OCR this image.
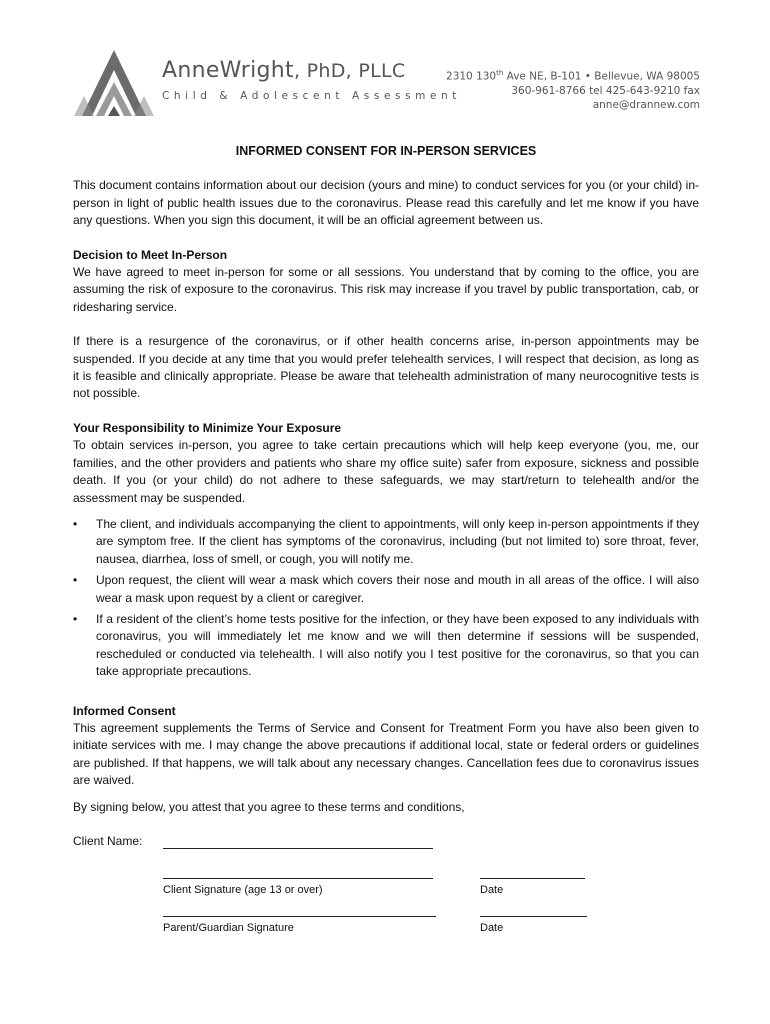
AnneWright, PhD, PLLC
Child & Adolescent Assessment
2310 130th Ave NE, B-101 • Bellevue, WA 98005
360-961-8766 tel 425-643-9210 fax
anne@drannew.com
INFORMED CONSENT FOR IN-PERSON SERVICES

This document contains information about our decision (yours and mine) to conduct services for you (or your child) in-person in light of public health issues due to the coronavirus. Please read this carefully and let me know if you have any questions. When you sign this document, it will be an official agreement between us.

Decision to Meet In-Person

We have agreed to meet in-person for some or all sessions. You understand that by coming to the office, you are assuming the risk of exposure to the coronavirus. This risk may increase if you travel by public transportation, cab, or ridesharing service.

If there is a resurgence of the coronavirus, or if other health concerns arise, in-person appointments may be suspended. If you decide at any time that you would prefer telehealth services, I will respect that decision, as long as it is feasible and clinically appropriate. Please be aware that telehealth administration of many neurocognitive tests is not possible.

Your Responsibility to Minimize Your Exposure

To obtain services in-person, you agree to take certain precautions which will help keep everyone (you, me, our families, and the other providers and patients who share my office suite) safer from exposure, sickness and possible death. If you (or your child) do not adhere to these safeguards, we may start/return to telehealth and/or the assessment may be suspended.

• The client, and individuals accompanying the client to appointments, will only keep in-person appointments if they are symptom free. If the client has symptoms of the coronavirus, including (but not limited to) sore throat, fever, nausea, diarrhea, loss of smell, or cough, you will notify me.
• Upon request, the client will wear a mask which covers their nose and mouth in all areas of the office. I will also wear a mask upon request by a client or caregiver.
• If a resident of the client’s home tests positive for the infection, or they have been exposed to any individuals with coronavirus, you will immediately let me know and we will then determine if sessions will be suspended, rescheduled or conducted via telehealth. I will also notify you I test positive for the coronavirus, so that you can take appropriate precautions.
Informed Consent

This agreement supplements the Terms of Service and Consent for Treatment Form you have also been given to initiate services with me. I may change the above precautions if additional local, state or federal orders or guidelines are published. If that happens, we will talk about any necessary changes. Cancellation fees due to coronavirus issues are waived.

By signing below, you attest that you agree to these terms and conditions,

Client Name:
Client Signature (age 13 or over)	Date
Parent/Guardian Signature	Date
